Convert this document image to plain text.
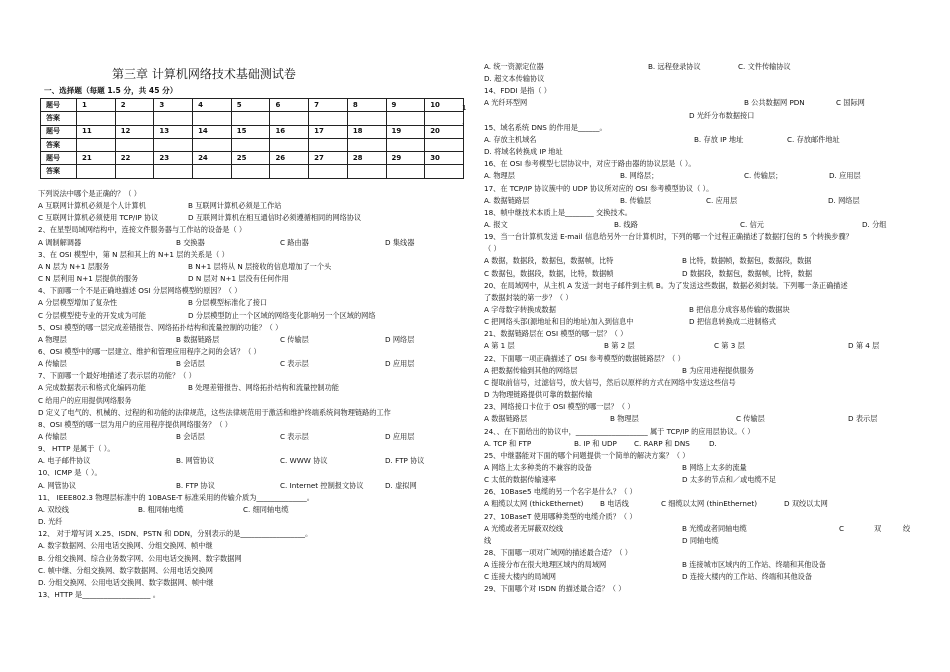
第三章 计算机网络技术基础测试卷
一、选择题（每题 1.5 分，共 45 分）
题号	1	2	3	4	5	6	7	8	9	10
答案										
题号	11	12	13	14	15	16	17	18	19	20
答案										
题号	21	22	23	24	25	26	27	28	29	30
答案										
1
、
下列说法中哪个是正确的？（ ）
A 互联网计算机必须是个人计算机	B 互联网计算机必须是工作站
C 互联网计算机必须使用 TCP/IP 协议	D 互联网计算机在相互通信时必须遵循相同的网络协议
2、在星型局域网结构中，连接文件服务器与工作站的设备是（ ）
A 调制解调器	B 交换器	C 路由器	D 集线器
3、在 OSI 模型中，第 N 层和其上的 N+1 层的关系是（ ）
A N 层为 N+1 层服务	B N+1 层将从 N 层接收的信息增加了一个头
C N 层利用 N+1 层提供的服务	D N 层对 N+1 层没有任何作用
4、下面哪一个不是正确地描述 OSI 分层网络模型的原因？（ ）
A 分层模型增加了复杂性	B 分层模型标准化了接口
C 分层模型使专业的开发成为可能	D 分层模型防止一个区域的网络变化影响另一个区域的网络
5、OSI 模型的哪一层完成差错报告、网络拓扑结构和流量控制的功能？（ ）
A 物理层	B 数据链路层	C 传输层	D 网络层
6、OSI 模型中的哪一层建立、维护和管理应用程序之间的会话？（ ）
A 传输层	B 会话层	C 表示层	D 应用层
7、下面哪一个最好地描述了表示层的功能？（ ）
A 完成数据表示和格式化编码功能	B 处理差错报告、网络拓扑结构和流量控制功能
C 给用户的应用提供网络服务
D 定义了电气的、机械的、过程的和功能的法律规范，这些法律规范用于激活和维护终端系统间物理链路的工作
8、OSI 模型的哪一层为用户的应用程序提供网络服务？（ ）
A 传输层	B 会话层	C 表示层	D 应用层
9、 HTTP 是属于（ ）。
A. 电子邮件协议	B. 网管协议	C. WWW 协议	D. FTP 协议
10、ICMP 是（ ）。
A. 网管协议	B. FTP 协议	C. Internet 控制报文协议	D. 虚拟网
11、 IEEE802.3 物理层标准中的 10BASE-T 标准采用的传输介质为______________。
A. 双绞线	B. 粗同轴电缆	C. 细同轴电缆
D. 光纤
12、 对于增写词 X.25、ISDN、PSTN 和 DDN，分别表示的是__________________。
A. 数字数据网、公用电话交换网、分组交换网、帧中继
B. 分组交换网、综合业务数字网、公用电话交换网、数字数据网
C. 帧中继、分组交换网、数字数据网、公用电话交换网
D. 分组交换网、公用电话交换网、数字数据网、帧中继
13、HTTP 是___________________ 。
A. 统一资源定位器	B. 远程登录协议	C. 文件传输协议
D. 超文本传输协议
14、FDDI 是指（ ）
A 光纤环型网	B 公共数据网 PDN	C 国际网
D 光纤分布数据接口
15、域名系统 DNS 的作用是______。
A. 存放主机域名	B. 存放 IP 地址	C. 存放邮件地址
D. 将域名转换成 IP 地址
16、在 OSI 参考模型七层协议中，对应于路由器的协议层是（ ）。
A. 物理层	B. 网络层；	C. 传输层；	D. 应用层
17、在 TCP/IP 协议簇中的 UDP 协议所对应的 OSI 参考模型协议（ ）。
A. 数据链路层	B. 传输层	C. 应用层	D. 网络层
18、帧中继技术本质上是________ 交换技术。
A. 报文	B. 线路	C. 信元	D. 分组
19、当一台计算机发送 E-mail 信息给另外一台计算机时，下列的哪一个过程正确描述了数据打包的 5 个转换步骤？
（ ）
A 数据，数据段，数据包，数据帧，比特	B 比特，数据帧，数据包，数据段，数据
C 数据包，数据段，数据，比特，数据帧	D 数据段，数据包，数据帧，比特，数据
20、在局域网中，从主机 A 发送一封电子邮件到主机 B。为了发送这些数据，数据必须封装。下列哪一条正确描述
了数据封装的第一步？（ ）
A 字母数字转换成数据	B 把信息分成容易传输的数据块
C 把网络头部(源地址和目的地址)加入到信息中	D 把信息转换成二进制格式
21、数据链路层在 OSI 模型的哪一层？（ ）
A 第 1 层	B 第 2 层	C 第 3 层	D 第 4 层
22、下面哪一项正确描述了 OSI 参考模型的数据链路层？（ ）
A 把数据传输到其他的网络层	B 为应用进程提供服务
C 提取前信号，过滤信号，放大信号，然后以原样的方式在网络中发送这些信号
D 为物理链路提供可靠的数据传输
23、网络接口卡位于 OSI 模型的哪一层？（ ）
A 数据链路层	B 物理层	C 传输层	D 表示层
24、、在下面给出的协议中，____________________ 属于 TCP/IP 的应用层协议。（ ）
A. TCP 和 FTP	B. IP 和 UDP C. RARP 和 DNS	D.
25、中继器能对下面的哪个问题提供一个简单的解决方案？（ ）
A 网络上太多种类的不兼容的设备	B 网络上太多的流量
C 太低的数据传输速率	D 太多的节点和／或电缆不足
26、10Base5 电缆的另一个名字是什么？（ ）
A 粗缆以太网 (thickEthernet) B 电话线	C 细缆以太网 (thinEthernet)	D 双绞以太网
27、10BaseT 使用哪种类型的电缆介质？（ ）
A 光缆或者无屏蔽双绞线	B 光缆或者同轴电缆	C	双	绞
线	D 同轴电缆
28、下面哪一项对广域网的描述最合适？（ ）
A 连接分布在很大地理区域内的局域网	B 连接城市区域内的工作站、终端和其他设备
C 连接大楼内的局域网	D 连接大楼内的工作站、终端和其他设备
29、下面哪个对 ISDN 的描述最合适？（ ）
